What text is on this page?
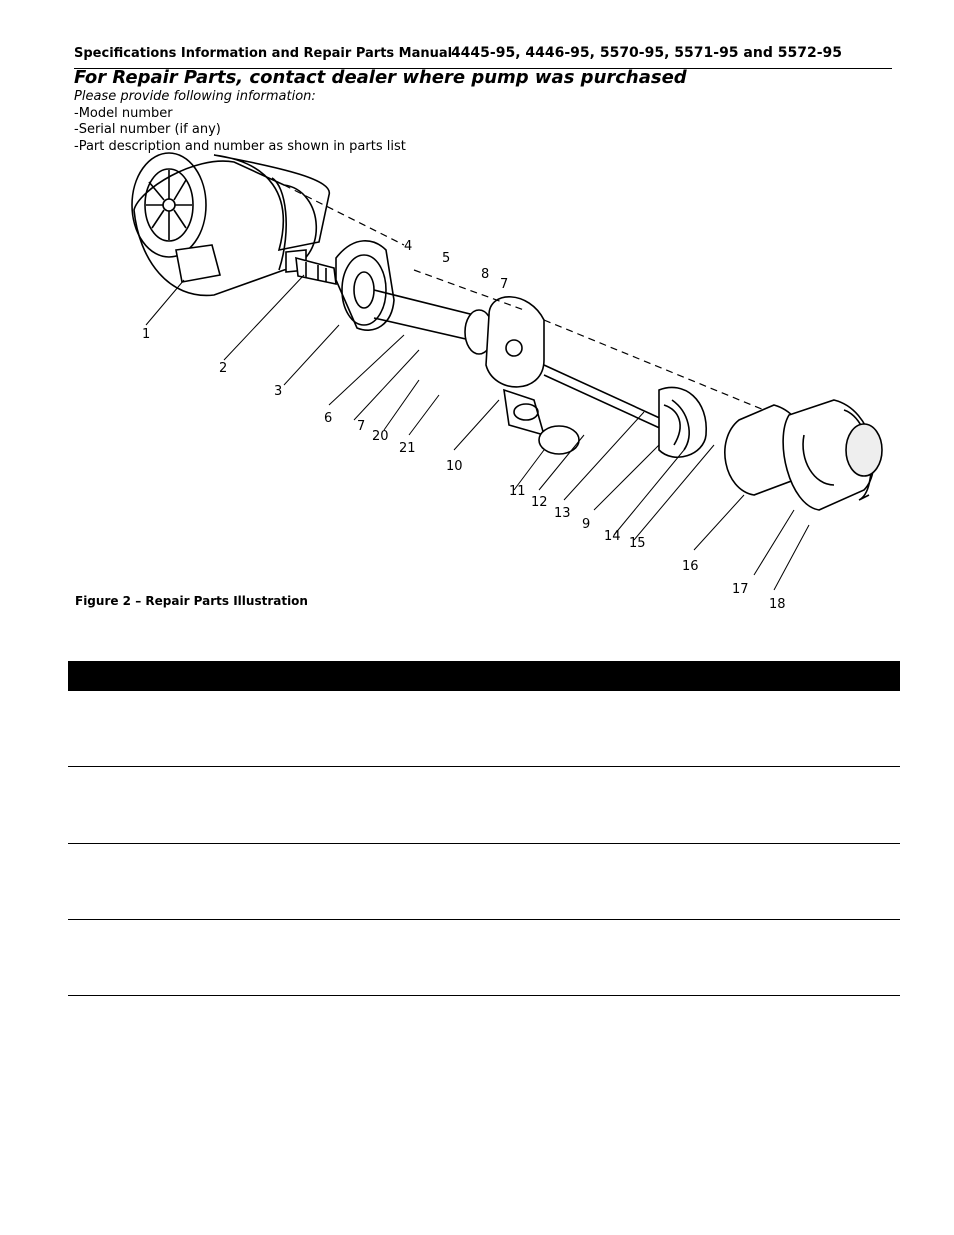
Specifications Information and Repair Parts Manual
4445-95, 4446-95, 5570-95, 5571-95 and 5572-95
For Repair Parts, contact dealer where pump was purchased
Please provide following information:
-Model number
-Serial number (if any)
-Part description and number as shown in parts list
1
2
3
4
5
6
7
7
8
9
10
11
12
13
14 15
16
17
18
20
21
Figure 2 – Repair Parts Illustration
